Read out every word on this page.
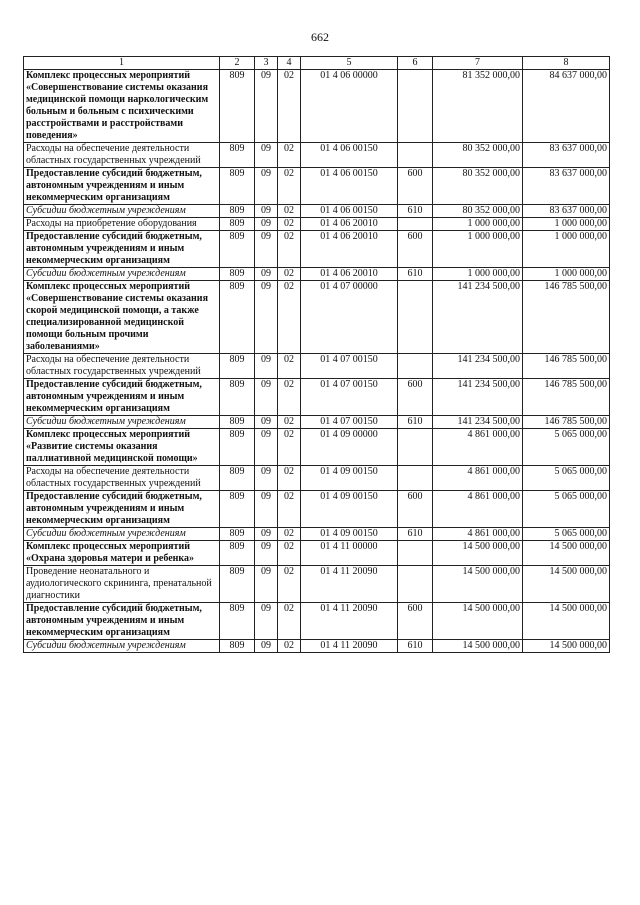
662
1	2	3	4	5	6	7	8
Комплекс процессных мероприятий «Совершенствование системы оказания медицинской помощи наркологическим больным и больным с психическими расстройствами и расстройствами поведения»	809	09	02	01 4 06 00000		81 352 000,00	84 637 000,00
Расходы на обеспечение деятельности областных государственных учреждений	809	09	02	01 4 06 00150		80 352 000,00	83 637 000,00
Предоставление субсидий бюджетным, автономным учреждениям и иным некоммерческим организациям	809	09	02	01 4 06 00150	600	80 352 000,00	83 637 000,00
Субсидии бюджетным учреждениям	809	09	02	01 4 06 00150	610	80 352 000,00	83 637 000,00
Расходы на приобретение оборудования	809	09	02	01 4 06 20010		1 000 000,00	1 000 000,00
Предоставление субсидий бюджетным, автономным учреждениям и иным некоммерческим организациям	809	09	02	01 4 06 20010	600	1 000 000,00	1 000 000,00
Субсидии бюджетным учреждениям	809	09	02	01 4 06 20010	610	1 000 000,00	1 000 000,00
Комплекс процессных мероприятий «Совершенствование системы оказания скорой медицинской помощи, а также специализированной медицинской помощи больным прочими заболеваниями»	809	09	02	01 4 07 00000		141 234 500,00	146 785 500,00
Расходы на обеспечение деятельности областных государственных учреждений	809	09	02	01 4 07 00150		141 234 500,00	146 785 500,00
Предоставление субсидий бюджетным, автономным учреждениям и иным некоммерческим организациям	809	09	02	01 4 07 00150	600	141 234 500,00	146 785 500,00
Субсидии бюджетным учреждениям	809	09	02	01 4 07 00150	610	141 234 500,00	146 785 500,00
Комплекс процессных мероприятий «Развитие системы оказания паллиативной медицинской помощи»	809	09	02	01 4 09 00000		4 861 000,00	5 065 000,00
Расходы на обеспечение деятельности областных государственных учреждений	809	09	02	01 4 09 00150		4 861 000,00	5 065 000,00
Предоставление субсидий бюджетным, автономным учреждениям и иным некоммерческим организациям	809	09	02	01 4 09 00150	600	4 861 000,00	5 065 000,00
Субсидии бюджетным учреждениям	809	09	02	01 4 09 00150	610	4 861 000,00	5 065 000,00
Комплекс процессных мероприятий «Охрана здоровья матери и ребенка»	809	09	02	01 4 11 00000		14 500 000,00	14 500 000,00
Проведение неонатального и аудиологического скрининга, пренатальной диагностики	809	09	02	01 4 11 20090		14 500 000,00	14 500 000,00
Предоставление субсидий бюджетным, автономным учреждениям и иным некоммерческим организациям	809	09	02	01 4 11 20090	600	14 500 000,00	14 500 000,00
Субсидии бюджетным учреждениям	809	09	02	01 4 11 20090	610	14 500 000,00	14 500 000,00
